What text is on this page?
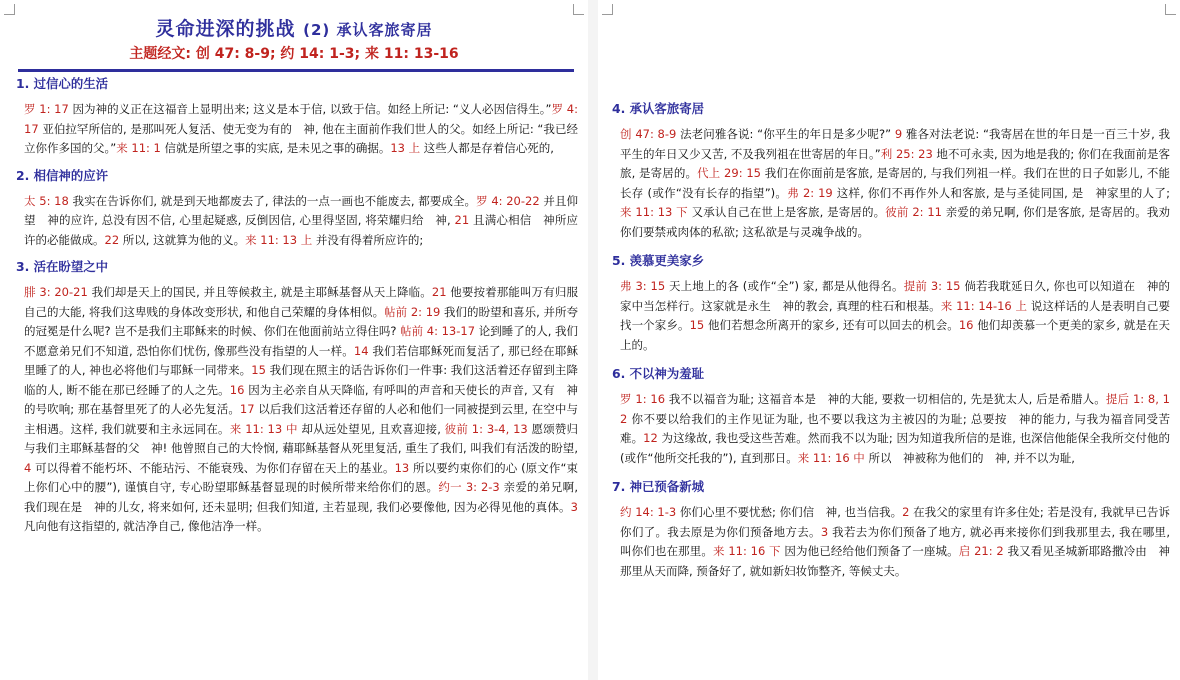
灵命进深的挑战 (2) 承认客旅寄居
主题经文: 创 47: 8-9; 约 14: 1-3; 来 11: 13-16
1. 过信心的生活
罗 1: 17 因为神的义正在这福音上显明出来; 这义是本于信, 以致于信。如经上所记: “义人必因信得生。”罗 4: 17 亚伯拉罕所信的, 是那叫死人复活、使无变为有的　神, 他在主面前作我们世人的父。如经上所记: “我已经立你作多国的父。”来 11: 1 信就是所望之事的实底, 是未见之事的确据。13 上 这些人都是存着信心死的,
2. 相信神的应许
太 5: 18 我实在告诉你们, 就是到天地都废去了, 律法的一点一画也不能废去, 都要成全。罗 4: 20-22 并且仰望　神的应许, 总没有因不信, 心里起疑惑, 反倒因信, 心里得坚固, 将荣耀归给　神, 21 且满心相信　神所应许的必能做成。22 所以, 这就算为他的义。来 11: 13 上 并没有得着所应许的;
3. 活在盼望之中
腓 3: 20-21 我们却是天上的国民, 并且等候救主, 就是主耶稣基督从天上降临。21 他要按着那能叫万有归服自己的大能, 将我们这卑贱的身体改变形状, 和他自己荣耀的身体相似。帖前 2: 19 我们的盼望和喜乐, 并所夸的冠冕是什么呢? 岂不是我们主耶稣来的时候、你们在他面前站立得住吗? 帖前 4: 13-17 论到睡了的人, 我们不愿意弟兄们不知道, 恐怕你们忧伤, 像那些没有指望的人一样。14 我们若信耶稣死而复活了, 那已经在耶稣里睡了的人, 神也必将他们与耶稣一同带来。15 我们现在照主的话告诉你们一件事: 我们这活着还存留到主降临的人, 断不能在那已经睡了的人之先。16 因为主必亲自从天降临, 有呼叫的声音和天使长的声音, 又有　神的号吹响; 那在基督里死了的人必先复活。17 以后我们这活着还存留的人必和他们一同被提到云里, 在空中与主相遇。这样, 我们就要和主永远同在。来 11: 13 中 却从远处望见, 且欢喜迎接, 彼前 1: 3-4, 13 愿颂赞归与我们主耶稣基督的父　神! 他曾照自己的大怜悯, 藉耶稣基督从死里复活, 重生了我们, 叫我们有活泼的盼望, 4 可以得着不能朽坏、不能玷污、不能衰残、为你们存留在天上的基业。13 所以要约束你们的心 (原文作“束上你们心中的腰”), 谨慎自守, 专心盼望耶稣基督显现的时候所带来给你们的恩。约一 3: 2-3 亲爱的弟兄啊, 我们现在是　神的儿女, 将来如何, 还未显明; 但我们知道, 主若显现, 我们必要像他, 因为必得见他的真体。3 凡向他有这指望的, 就洁净自己, 像他洁净一样。
4. 承认客旅寄居
创 47: 8-9 法老问雅各说: “你平生的年日是多少呢?” 9 雅各对法老说: “我寄居在世的年日是一百三十岁, 我平生的年日又少又苦, 不及我列祖在世寄居的年日。”利 25: 23 地不可永卖, 因为地是我的; 你们在我面前是客旅, 是寄居的。代上 29: 15 我们在你面前是客旅, 是寄居的, 与我们列祖一样。我们在世的日子如影儿, 不能长存 (或作“没有长存的指望”)。弗 2: 19 这样, 你们不再作外人和客旅, 是与圣徒同国, 是　神家里的人了; 来 11: 13 下 又承认自己在世上是客旅, 是寄居的。彼前 2: 11 亲爱的弟兄啊, 你们是客旅, 是寄居的。我劝你们要禁戒肉体的私欲; 这私欲是与灵魂争战的。
5. 羡慕更美家乡
弗 3: 15 天上地上的各 (或作“全”) 家, 都是从他得名。提前 3: 15 倘若我耽延日久, 你也可以知道在　神的家中当怎样行。这家就是永生　神的教会, 真理的柱石和根基。来 11: 14-16 上 说这样话的人是表明自己要找一个家乡。15 他们若想念所离开的家乡, 还有可以回去的机会。16 他们却羡慕一个更美的家乡, 就是在天上的。
6. 不以神为羞耻
罗 1: 16 我不以福音为耻; 这福音本是　神的大能, 要救一切相信的, 先是犹太人, 后是希腊人。提后 1: 8, 12 你不要以给我们的主作见证为耻, 也不要以我这为主被囚的为耻; 总要按　神的能力, 与我为福音同受苦难。12 为这缘故, 我也受这些苦难。然而我不以为耻; 因为知道我所信的是谁, 也深信他能保全我所交付他的 (或作“他所交托我的”), 直到那日。来 11: 16 中 所以　神被称为他们的　神, 并不以为耻,
7. 神已预备新城
约 14: 1-3 你们心里不要忧愁; 你们信　神, 也当信我。2 在我父的家里有许多住处; 若是没有, 我就早已告诉你们了。我去原是为你们预备地方去。3 我若去为你们预备了地方, 就必再来接你们到我那里去, 我在哪里, 叫你们也在那里。来 11: 16 下 因为他已经给他们预备了一座城。启 21: 2 我又看见圣城新耶路撒冷由　神那里从天而降, 预备好了, 就如新妇妆饰整齐, 等候丈夫。
